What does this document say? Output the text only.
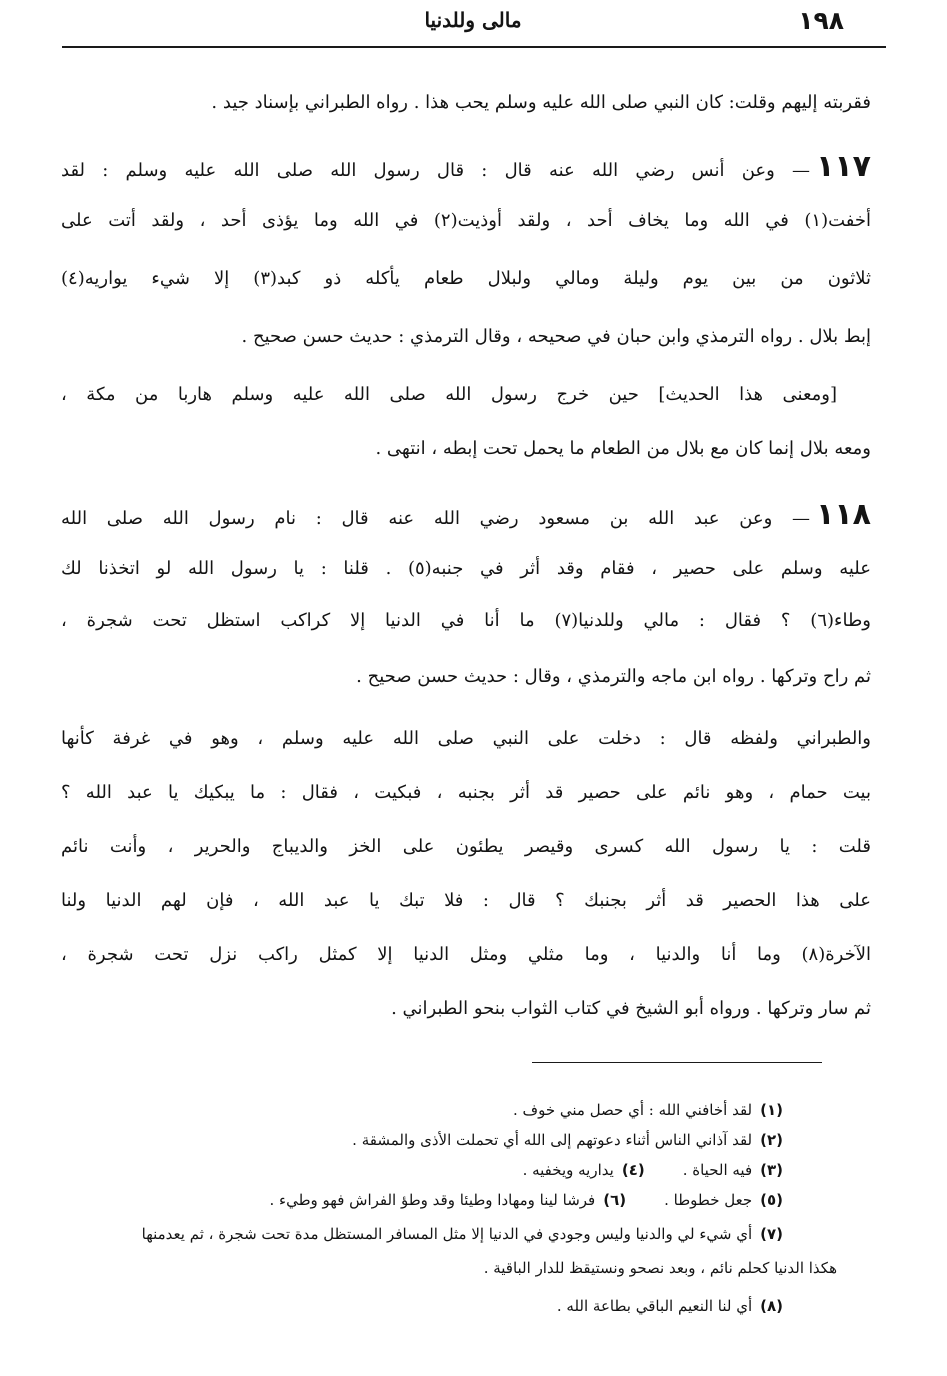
١٩٨
مالى وللدنيا
فقربته إليهم وقلت: كان النبي صلى الله عليه وسلم يحب هذا . رواه الطبراني بإسناد جيد .
١١٧— وعن أنس رضي الله عنه قال : قال رسول الله صلى الله عليه وسلم : لقد
أخفت(١) في الله وما يخاف أحد ، ولقد أوذيت(٢) في الله وما يؤذى أحد ، ولقد أتت على
ثلاثون من بين يوم وليلة ومالي ولبلال طعام يأكله ذو كبد(٣) إلا شيء يواريه(٤)
إبط بلال . رواه الترمذي وابن حبان في صحيحه ، وقال الترمذي : حديث حسن صحيح .
[ومعنى هذا الحديث] حين خرج رسول الله صلى الله عليه وسلم هاربا من مكة ،
ومعه بلال إنما كان مع بلال من الطعام ما يحمل تحت إبطه ، انتهى .
١١٨— وعن عبد الله بن مسعود رضي الله عنه قال : نام رسول الله صلى الله
عليه وسلم على حصير ، فقام وقد أثر في جنبه(٥) . قلنا : يا رسول الله لو اتخذنا لك
وطاء(٦) ؟ فقال : مالي وللدنيا(٧) ما أنا في الدنيا إلا كراكب استظل تحت شجرة ،
ثم راح وتركها . رواه ابن ماجه والترمذي ، وقال : حديث حسن صحيح .
والطبراني ولفظه قال : دخلت على النبي صلى الله عليه وسلم ، وهو في غرفة كأنها
بيت حمام ، وهو نائم على حصير قد أثر بجنبه ، فبكيت ، فقال : ما يبكيك يا عبد الله ؟
قلت : يا رسول الله كسرى وقيصر يطئون على الخز والديباج والحرير ، وأنت نائم
على هذا الحصير قد أثر بجنبك ؟ قال : فلا تبك يا عبد الله ، فإن لهم الدنيا ولنا
الآخرة(٨) وما أنا والدنيا ، وما مثلي ومثل الدنيا إلا كمثل راكب نزل تحت شجرة ،
ثم سار وتركها . ورواه أبو الشيخ في كتاب الثواب بنحو الطبراني .
(١)لقد أخافني الله : أي حصل مني خوف .
(٢)لقد آذاني الناس أثناء دعوتهم إلى الله أي تحملت الأذى والمشقة .
(٣)فيه الحياة .(٤)يداريه ويخفيه .
(٥)جعل خطوطا .(٦)فرشا لينا ومهادا وطيئا وقد وطؤ الفراش فهو وطيء .
(٧)أي شيء لي والدنيا وليس وجودي في الدنيا إلا مثل المسافر المستظل مدة تحت شجرة ، ثم يعدمنها
هكذا الدنيا كحلم نائم ، وبعد نصحو ونستيقظ للدار الباقية .
(٨)أي لنا النعيم الباقي بطاعة الله .
